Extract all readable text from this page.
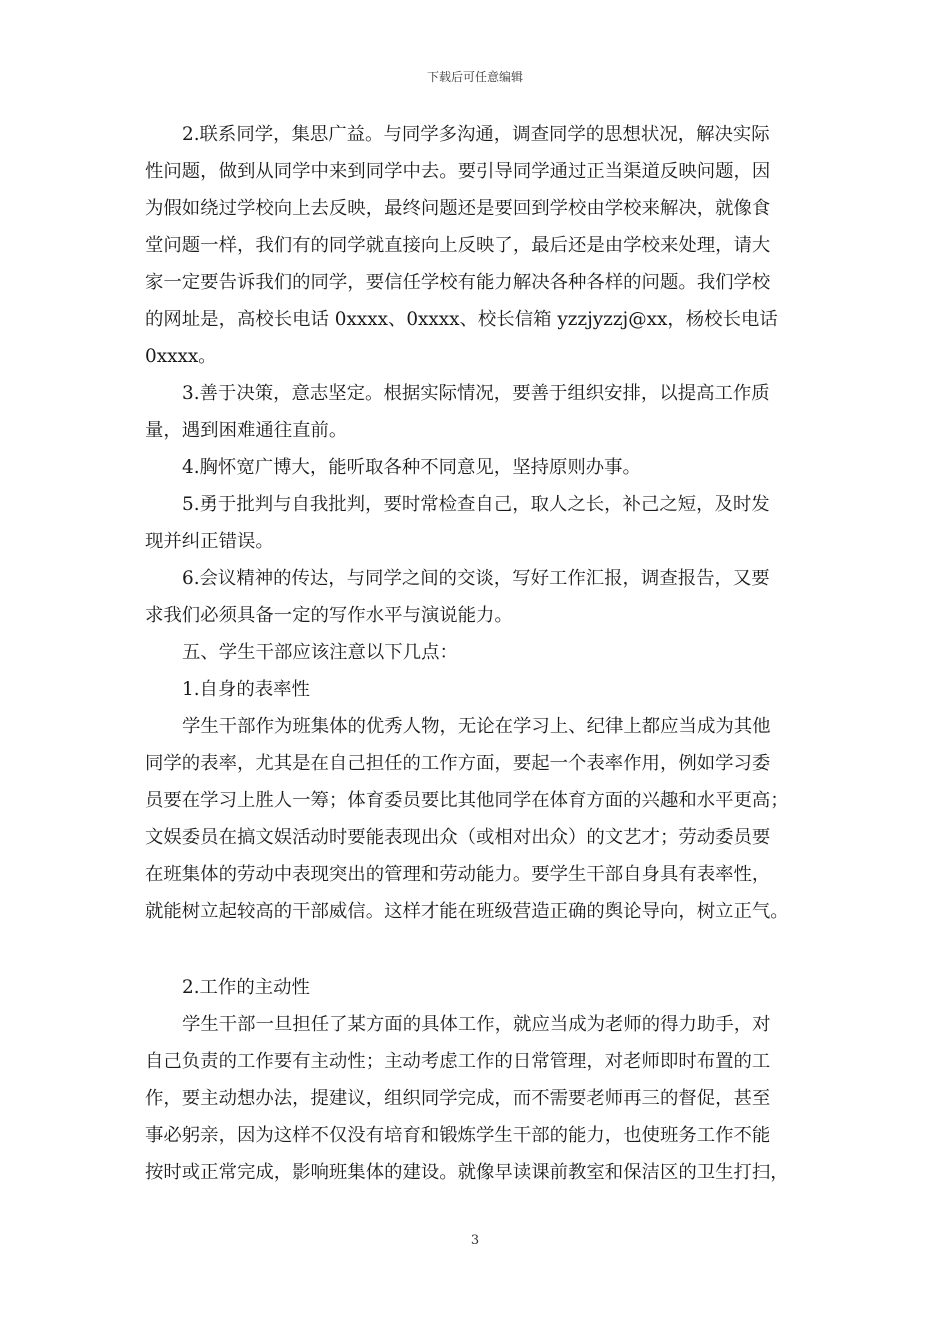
下载后可任意编辑
2.联系同学，集思广益。与同学多沟通，调查同学的思想状况，解决实际
性问题，做到从同学中来到同学中去。要引导同学通过正当渠道反映问题，因
为假如绕过学校向上去反映，最终问题还是要回到学校由学校来解决，就像食
堂问题一样，我们有的同学就直接向上反映了，最后还是由学校来处理，请大
家一定要告诉我们的同学，要信任学校有能力解决各种各样的问题。我们学校
的网址是，高校长电话 0xxxx、0xxxx、校长信箱 yzzjyzzj@xx，杨校长电话
0xxxx。
3.善于决策，意志坚定。根据实际情况，要善于组织安排，以提高工作质
量，遇到困难通往直前。
4.胸怀宽广博大，能听取各种不同意见，坚持原则办事。
5.勇于批判与自我批判，要时常检查自己，取人之长，补己之短，及时发
现并纠正错误。
6.会议精神的传达，与同学之间的交谈，写好工作汇报，调查报告，又要
求我们必须具备一定的写作水平与演说能力。
五、学生干部应该注意以下几点：
1.自身的表率性
学生干部作为班集体的优秀人物，无论在学习上、纪律上都应当成为其他
同学的表率，尤其是在自己担任的工作方面，要起一个表率作用，例如学习委
员要在学习上胜人一筹；体育委员要比其他同学在体育方面的兴趣和水平更高；
文娱委员在搞文娱活动时要能表现出众（或相对出众）的文艺才；劳动委员要
在班集体的劳动中表现突出的管理和劳动能力。要学生干部自身具有表率性，
就能树立起较高的干部威信。这样才能在班级营造正确的舆论导向，树立正气。
2.工作的主动性
学生干部一旦担任了某方面的具体工作，就应当成为老师的得力助手，对
自己负责的工作要有主动性；主动考虑工作的日常管理，对老师即时布置的工
作，要主动想办法，提建议，组织同学完成，而不需要老师再三的督促，甚至
事必躬亲，因为这样不仅没有培育和锻炼学生干部的能力，也使班务工作不能
按时或正常完成，影响班集体的建设。就像早读课前教室和保洁区的卫生打扫，
3
